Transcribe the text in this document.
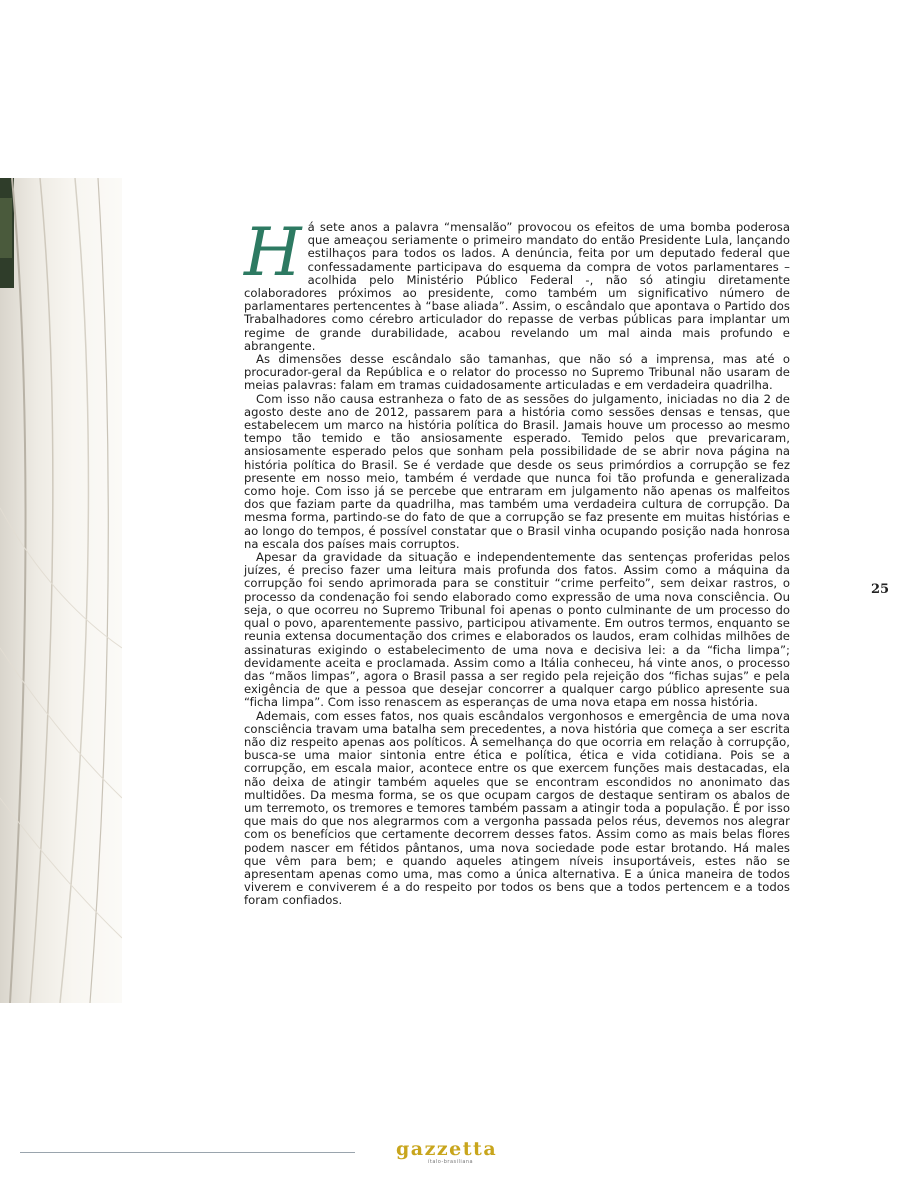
H á sete anos a palavra “mensalão” provocou os efeitos de uma bomba poderosa que ameaçou seriamente o primeiro mandato do então Presidente Lula, lançando estilhaços para todos os lados. A denúncia, feita por um deputado federal que confessadamente participava do esquema da compra de votos parlamentares – acolhida pelo Ministério Público Federal -, não só atingiu diretamente colaboradores próximos ao presidente, como também um significativo número de parlamentares pertencentes à “base aliada”. Assim, o escândalo que apontava o Partido dos Trabalhadores como cérebro articulador do repasse de verbas públicas para implantar um regime de grande durabilidade, acabou revelando um mal ainda mais profundo e abrangente.

As dimensões desse escândalo são tamanhas, que não só a imprensa, mas até o procurador-geral da República e o relator do processo no Supremo Tribunal não usaram de meias palavras: falam em tramas cuidadosamente articuladas e em verdadeira quadrilha.

Com isso não causa estranheza o fato de as sessões do julgamento, iniciadas no dia 2 de agosto deste ano de 2012, passarem para a história como sessões densas e tensas, que estabelecem um marco na história política do Brasil. Jamais houve um processo ao mesmo tempo tão temido e tão ansiosamente esperado. Temido pelos que prevaricaram, ansiosamente esperado pelos que sonham pela possibilidade de se abrir nova página na história política do Brasil. Se é verdade que desde os seus primórdios a corrupção se fez presente em nosso meio, também é verdade que nunca foi tão profunda e generalizada como hoje. Com isso já se percebe que entraram em julgamento não apenas os malfeitos dos que faziam parte da quadrilha, mas também uma verdadeira cultura de corrupção. Da mesma forma, partindo-se do fato de que a corrupção se faz presente em muitas histórias e ao longo do tempos, é possível constatar que o Brasil vinha ocupando posição nada honrosa na escala dos países mais corruptos.

Apesar da gravidade da situação e independentemente das sentenças proferidas pelos juízes, é preciso fazer uma leitura mais profunda dos fatos. Assim como a máquina da corrupção foi sendo aprimorada para se constituir “crime perfeito”, sem deixar rastros, o processo da condenação foi sendo elaborado como expressão de uma nova consciência. Ou seja, o que ocorreu no Supremo Tribunal foi apenas o ponto culminante de um processo do qual o povo, aparentemente passivo, participou ativamente. Em outros termos, enquanto se reunia extensa documentação dos crimes e elaborados os laudos, eram colhidas milhões de assinaturas exigindo o estabelecimento de uma nova e decisiva lei: a da “ficha limpa”; devidamente aceita e proclamada. Assim como a Itália conheceu, há vinte anos, o processo das “mãos limpas”, agora o Brasil passa a ser regido pela rejeição dos “fichas sujas” e pela exigência de que a pessoa que desejar concorrer a qualquer cargo público apresente sua “ficha limpa”. Com isso renascem as esperanças de uma nova etapa em nossa história.

Ademais, com esses fatos, nos quais escândalos vergonhosos e emergência de uma nova consciência travam uma batalha sem precedentes, a nova história que começa a ser escrita não diz respeito apenas aos políticos. À semelhança do que ocorria em relação à corrupção, busca-se uma maior sintonia entre ética e política, ética e vida cotidiana. Pois se a corrupção, em escala maior, acontece entre os que exercem funções mais destacadas, ela não deixa de atingir também aqueles que se encontram escondidos no anonimato das multidões. Da mesma forma, se os que ocupam cargos de destaque sentiram os abalos de um terremoto, os tremores e temores também passam a atingir toda a população. É por isso que mais do que nos alegrarmos com a vergonha passada pelos réus, devemos nos alegrar com os benefícios que certamente decorrem desses fatos. Assim como as mais belas flores podem nascer em fétidos pântanos, uma nova sociedade pode estar brotando. Há males que vêm para bem; e quando aqueles atingem níveis insuportáveis, estes não se apresentam apenas como uma, mas como a única alternativa. E a única maneira de todos viverem e conviverem é a do respeito por todos os bens que a todos pertencem e a todos foram confiados.

25
gazzetta
ítalo-brasiliana
